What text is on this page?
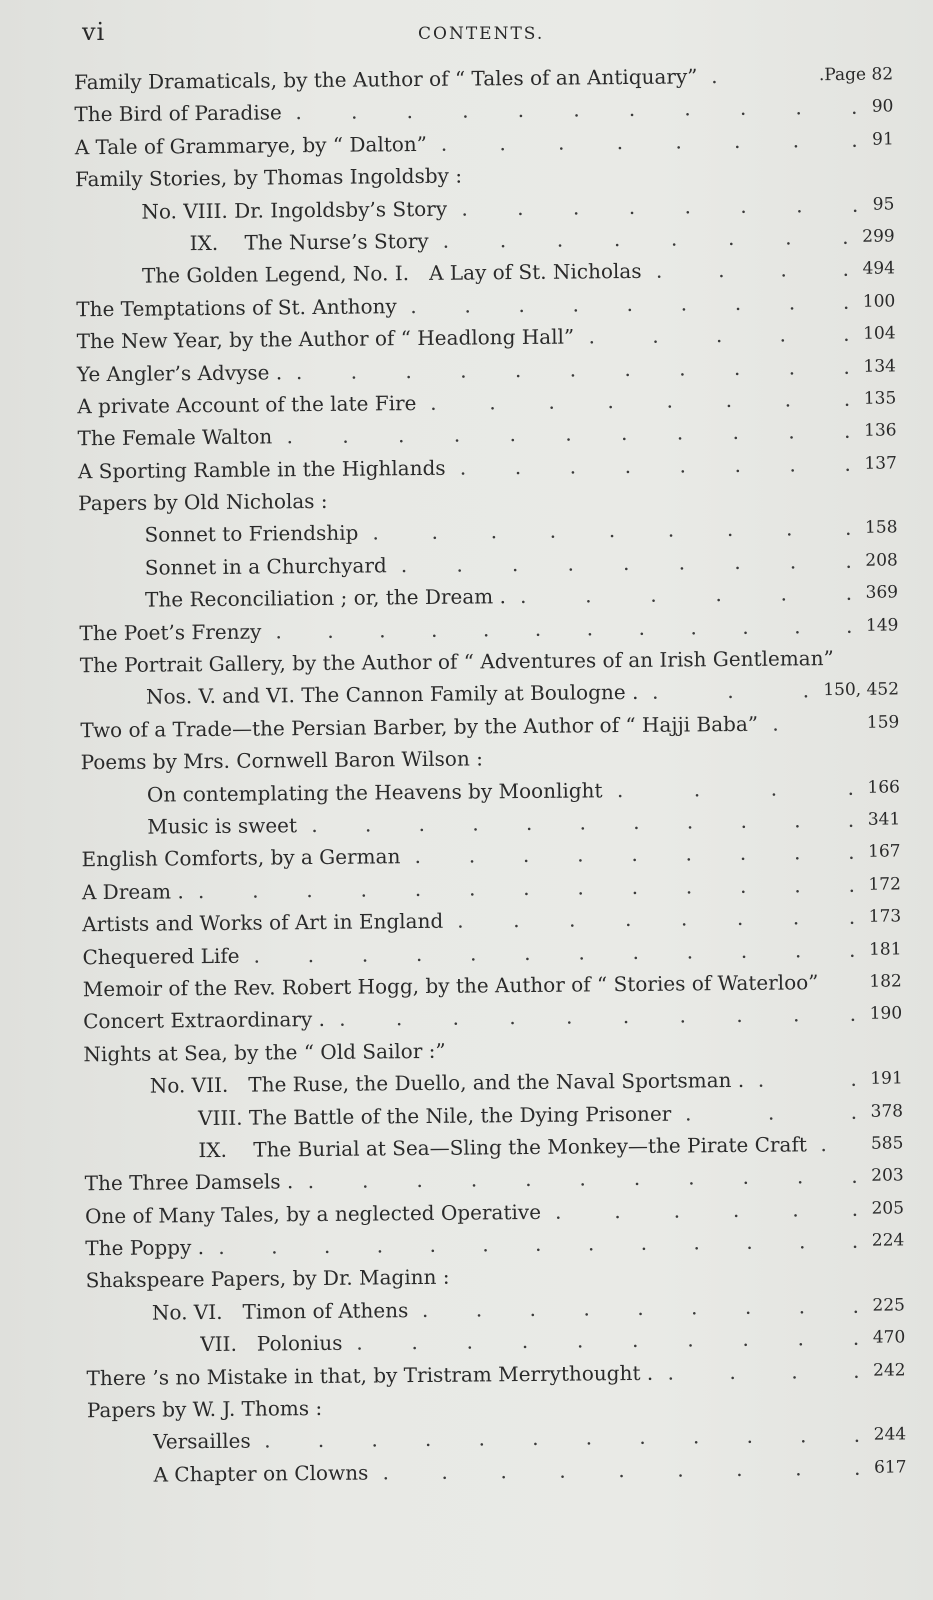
vi	CONTENTS.
Family Dramaticals, by the Author of “ Tales of an Antiquary” .	.Page 82
The Bird of Paradise . . . . . . . . . . . 90
A Tale of Grammarye, by “ Dalton” .	.	.	.	.	.	.	. 91
Family Stories, by Thomas Ingoldsby :
No. VIII. Dr. Ingoldsby’s Story . . . . . . . . 95
IX.  The Nurse’s Story .	.	.	.	.	.	.	. 299
The Golden Legend, No. I. A Lay of St. Nicholas .	.	.	. 494
The Temptations of St. Anthony . . . . . . . . . 100
The New Year, by the Author of “ Headlong Hall” .	.	.	.	. 104
Ye Angler’s Advyse . . . . . . . . . . . . 134
A private Account of the late Fire .	.	.	.	.	.	.	. 135
The Female Walton . . . . . . . . . . . 136
A Sporting Ramble in the Highlands . . . . . . . . 137
Papers by Old Nicholas :
Sonnet to Friendship .	.	.	.	.	.	.	.	. 158
Sonnet in a Churchyard . . . . . . . . . 208
The Reconciliation ; or, the Dream . .	.	.	.	.	. 369
The Poet’s Frenzy . . . . . . . . . . . . 149
The Portrait Gallery, by the Author of “ Adventures of an Irish Gentleman”
Nos. V. and VI. The Cannon Family at Boulogne . .	.	. 150, 452
Two of a Trade—the Persian Barber, by the Author of “ Hajji Baba” .	159
Poems by Mrs. Cornwell Baron Wilson :
On contemplating the Heavens by Moonlight .	.	.	. 166
Music is sweet . . . . . . . . . . . 341
English Comforts, by a German . . . . . . . . . 167
A Dream . . . . . . . . . . . . . . 172
Artists and Works of Art in England . . . . . . . . 173
Chequered Life . . . . . . . . . . . . 181
Memoir of the Rev. Robert Hogg, by the Author of “ Stories of Waterloo”	182
Concert Extraordinary . .	.	.	.	.	.	.	.	.	. 190
Nights at Sea, by the “ Old Sailor :”
No. VII. The Ruse, the Duello, and the Naval Sportsman . .	. 191
VIII. The Battle of the Nile, the Dying Prisoner .	.	. 378
IX.  The Burial at Sea—Sling the Monkey—the Pirate Craft .	585
The Three Damsels . . . . . . . . . . . . 203
One of Many Tales, by a neglected Operative .	.	.	.	.	. 205
The Poppy . . . . . . . . . . . . . . 224
Shakspeare Papers, by Dr. Maginn :
No. VI. Timon of Athens . . . . . . . . . 225
VII. Polonius . . . . . . . . . . 470
There ’s no Mistake in that, by Tristram Merrythought . .	.	.	. 242
Papers by W. J. Thoms :
Versailles . . . . . . . . . . . . 244
A Chapter on Clowns .	.	.	.	.	.	.	.	. 617
